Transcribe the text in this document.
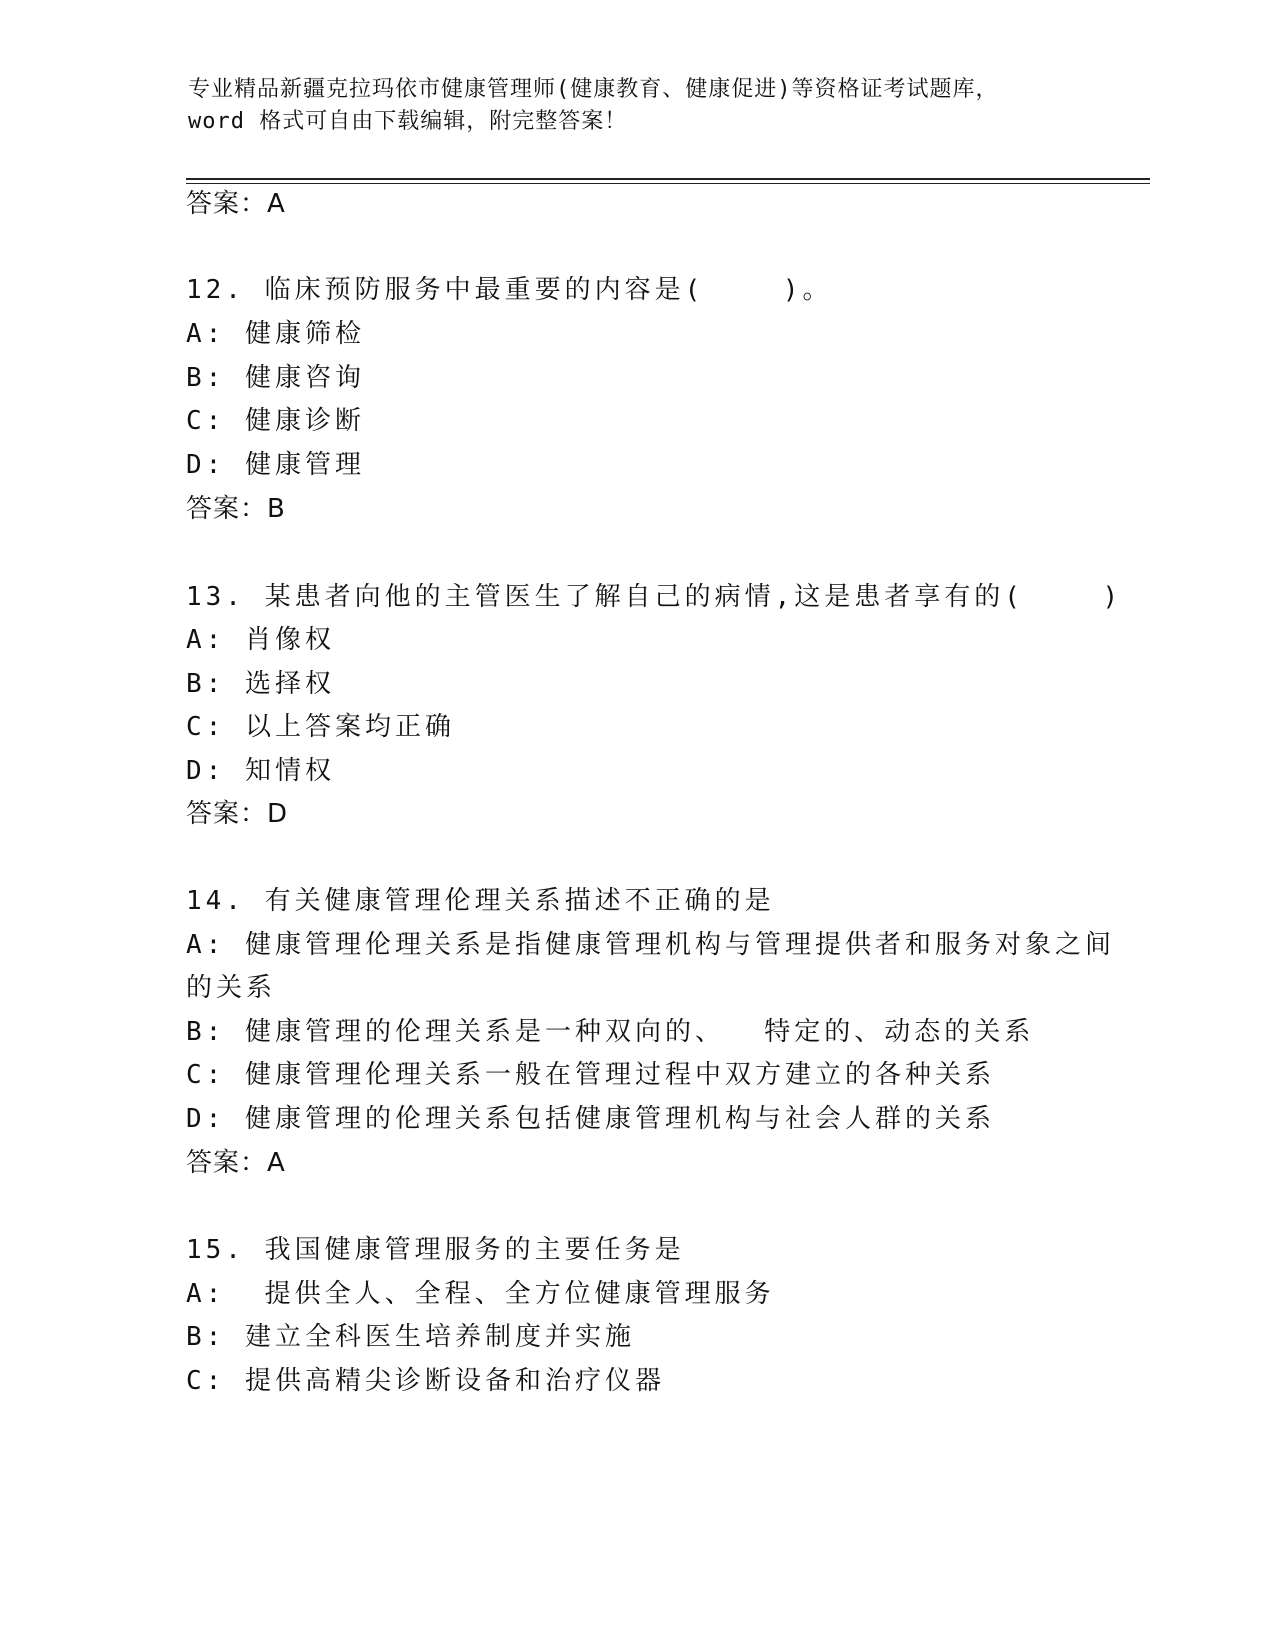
专业精品新疆克拉玛依市健康管理师(健康教育、健康促进)等资格证考试题库，
word 格式可自由下载编辑，附完整答案！
答案：A
12. 临床预防服务中最重要的内容是(    )。
A: 健康筛检
B: 健康咨询
C: 健康诊断
D: 健康管理
答案：B
13. 某患者向他的主管医生了解自己的病情,这是患者享有的(    )
A: 肖像权
B: 选择权
C: 以上答案均正确
D: 知情权
答案：D
14. 有关健康管理伦理关系描述不正确的是
A: 健康管理伦理关系是指健康管理机构与管理提供者和服务对象之间
的关系
B: 健康管理的伦理关系是一种双向的、  特定的、动态的关系
C: 健康管理伦理关系一般在管理过程中双方建立的各种关系
D: 健康管理的伦理关系包括健康管理机构与社会人群的关系
答案：A
15. 我国健康管理服务的主要任务是
A:  提供全人、全程、全方位健康管理服务
B: 建立全科医生培养制度并实施
C: 提供高精尖诊断设备和治疗仪器
